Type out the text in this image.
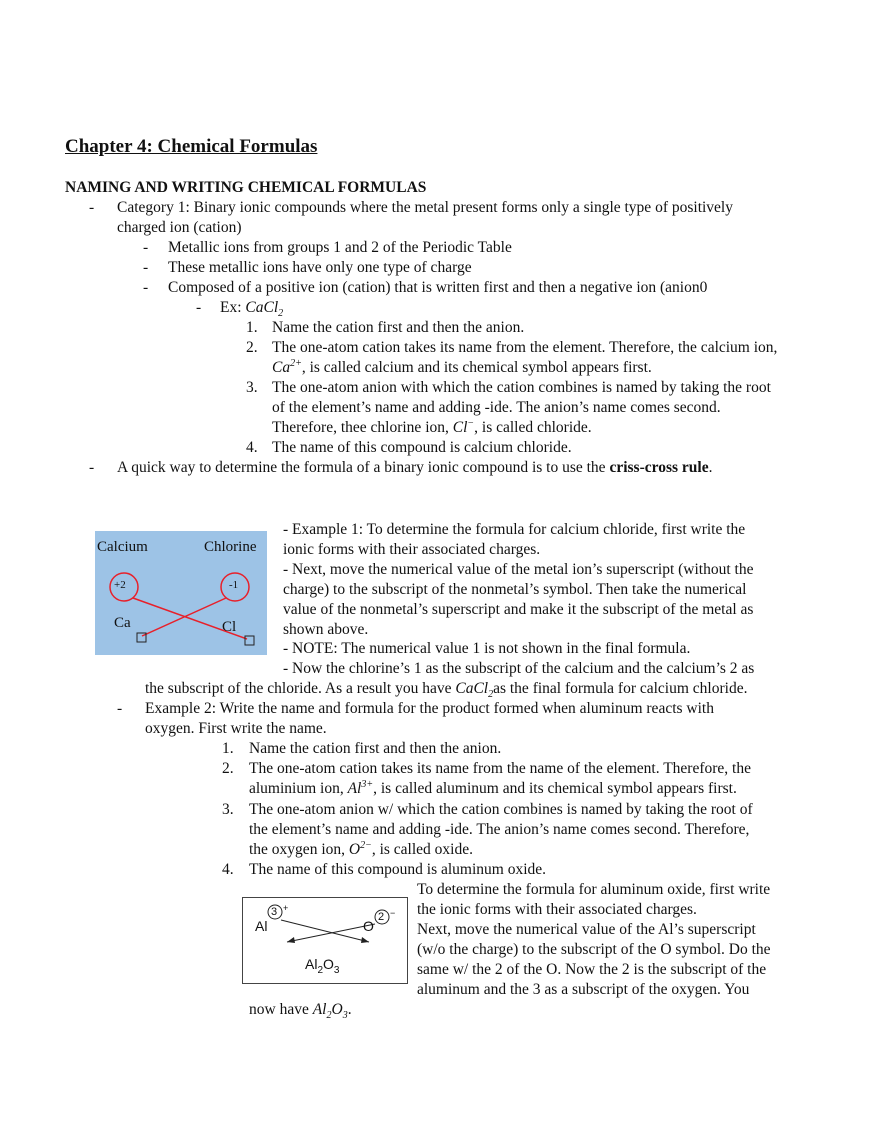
Chapter 4: Chemical Formulas
NAMING AND WRITING CHEMICAL FORMULAS
- Category 1: Binary ionic compounds where the metal present forms only a single type of positively
charged ion (cation)
- Metallic ions from groups 1 and 2 of the Periodic Table
- These metallic ions have only one type of charge
- Composed of a positive ion (cation) that is written first and then a negative ion (anion0
- Ex: CaCl$_2$
1. Name the cation first and then the anion.
2. The one-atom cation takes its name from the element. Therefore, the calcium ion,
$Ca^{2+}$, is called calcium and its chemical symbol appears first.
3. The one-atom anion with which the cation combines is named by taking the root
of the element’s name and adding -ide. The anion’s name comes second.
Therefore, thee chlorine ion, Cl−, is called chloride.
4. The name of this compound is calcium chloride.
- A quick way to determine the formula of a binary ionic compound is to use the criss-cross rule.
Calcium	Chlorine
+2	-1
Ca	Cl
- Example 1: To determine the formula for calcium chloride, first write the
ionic forms with their associated charges.
- Next, move the numerical value of the metal ion’s superscript (without the
charge) to the subscript of the nonmetal’s symbol. Then take the numerical
value of the nonmetal’s superscript and make it the subscript of the metal as
shown above.
- NOTE: The numerical value 1 is not shown in the final formula.
- Now the chlorine’s 1 as the subscript of the calcium and the calcium’s 2 as
the subscript of the chloride. As a result you have CaCl$_2$as the final formula for calcium chloride.
- Example 2: Write the name and formula for the product formed when aluminum reacts with
oxygen. First write the name.
1. Name the cation first and then the anion.
2. The one-atom cation takes its name from the name of the element. Therefore, the
aluminium ion, $Al^{3+}$, is called aluminum and its chemical symbol appears first.
3. The one-atom anion w/ which the cation combines is named by taking the root of
the element’s name and adding -ide. The anion’s name comes second. Therefore,
the oxygen ion, $O^{2-}$, is called oxide.
4. The name of this compound is aluminum oxide.
To determine the formula for aluminum oxide, first write
the ionic forms with their associated charges.
Next, move the numerical value of the Al’s superscript
(w/o the charge) to the subscript of the O symbol. Do the
same w/ the 2 of the O. Now the 2 is the subscript of the
aluminum and the 3 as a subscript of the oxygen. You
now have $Al_2O_3$.
Al
3 +
O
2 −
$Al_2O_3$
